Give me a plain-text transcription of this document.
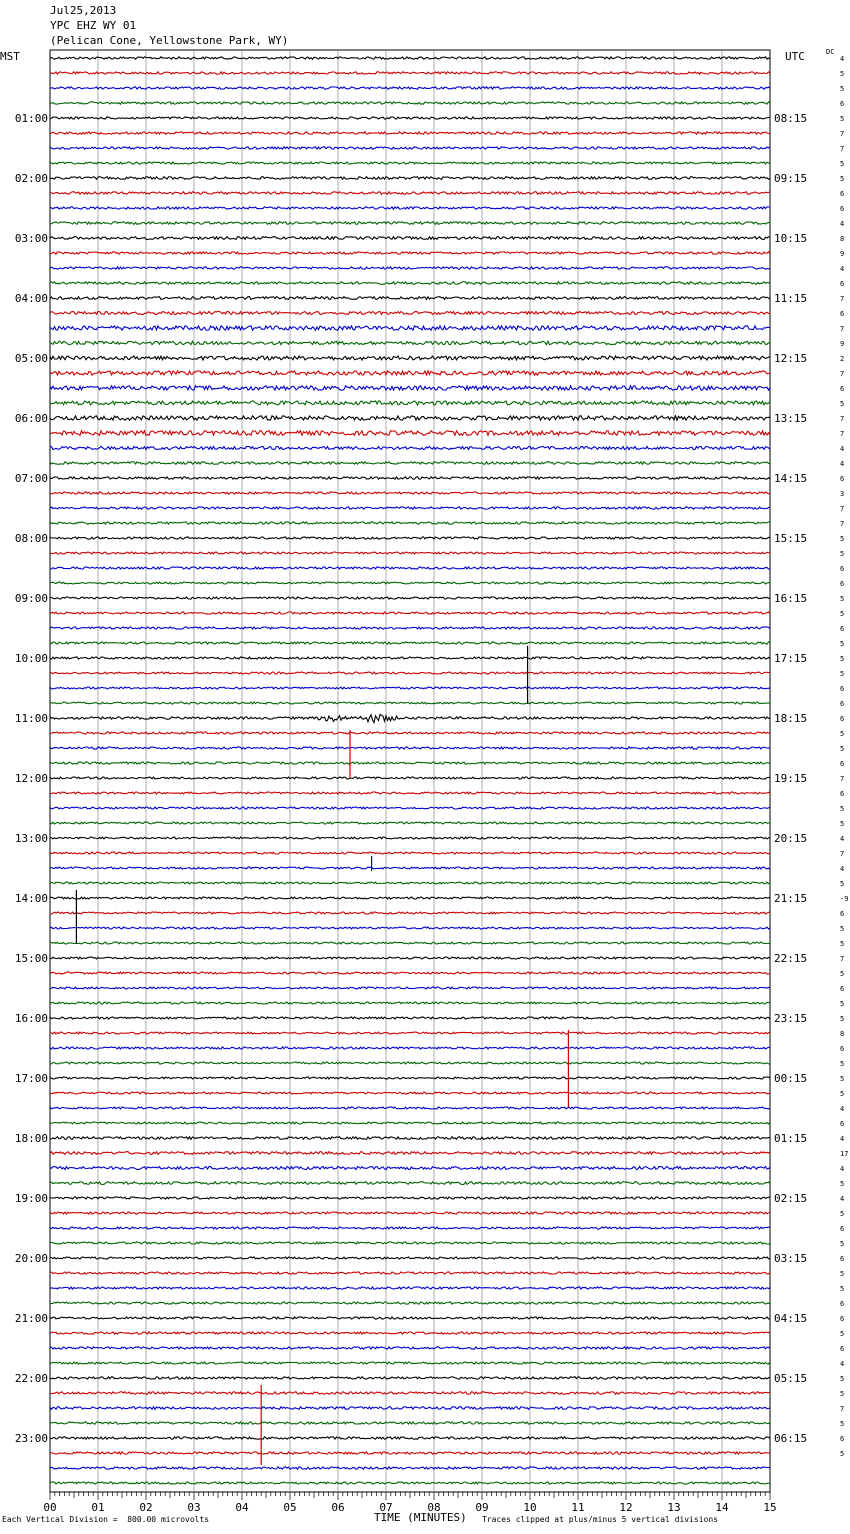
Jul25,2013
YPC EHZ WY 01
(Pelican Cone, Yellowstone Park, WY)
MST	UTC	DC
00	01	02	03	04	05	06	07	08	09	10	11	12	13	14	15
4
5
5
6
5
7
7
5
5
6
6
4
8
9
4
6
7
6
7
9
2
7
6
5
7
7
4
4
6
3
7
7
5
5
6
6
5
5
6
5
5
5
6
6
6
5
5
6
7
6
5
5
4
7
4
5
-9
6
5
5
7
5
6
5
5
8
6
5
5
5
4
6
4
17
4
5
4
5
6
5
6
5
5
6
6
5
6
4
5
5
7
5
6
5
01:00
02:00
03:00
04:00
05:00
06:00
07:00
08:00
09:00
10:00
11:00
12:00
13:00
14:00
15:00
16:00
17:00
18:00
19:00
20:00
21:00
22:00
23:00
08:15
09:15
10:15
11:15
12:15
13:15
14:15
15:15
16:15
17:15
18:15
19:15
20:15
21:15
22:15
23:15
00:15
01:15
02:15
03:15
04:15
05:15
06:15
Each Vertical Division =  800.00 microvolts	TIME (MINUTES) Traces clipped at plus/minus 5 vertical divisions
